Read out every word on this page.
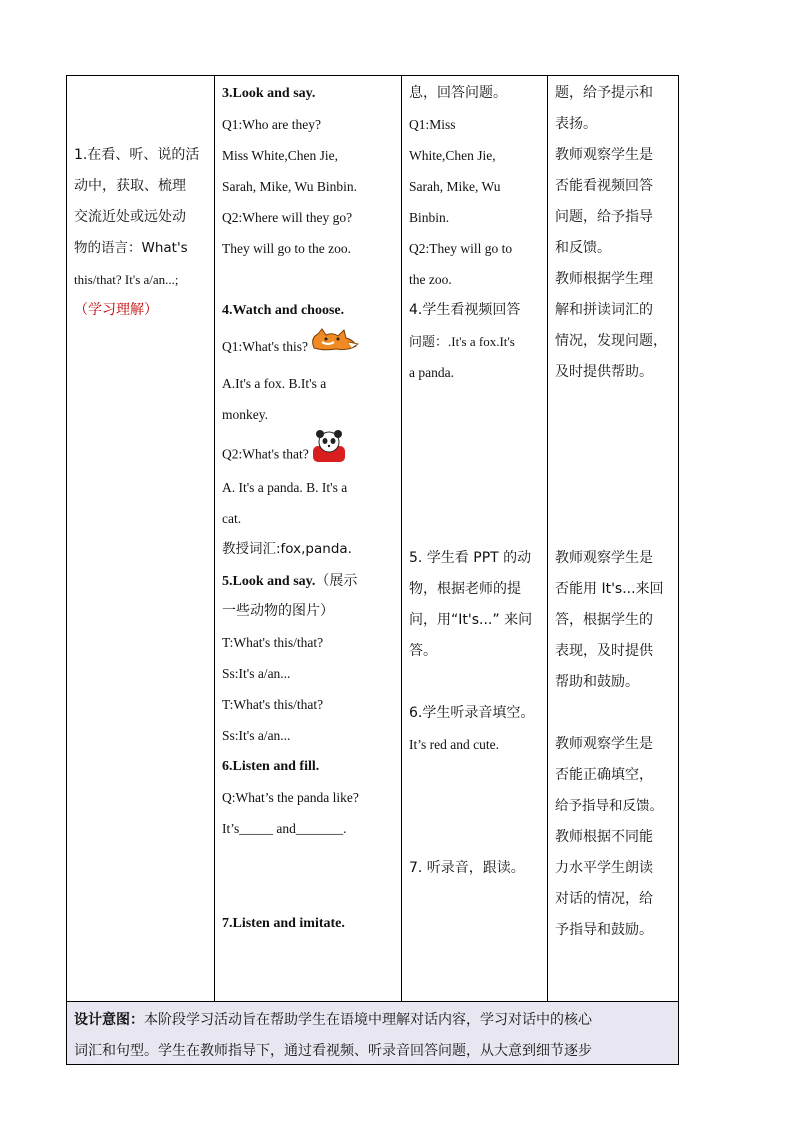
1.在看、听、说的活
动中，获取、梳理
交流近处或远处动
物的语言：What's
this/that? It's a/an...;
（学习理解）
3.Look and say.
Q1:Who are they?
Miss White,Chen Jie,
Sarah, Mike, Wu Binbin.
Q2:Where will they go?
They will go to the zoo.
4.Watch and choose.
Q1:What's this?
A.It's a fox. B.It's a
monkey.
Q2:What's that?
A. It's a panda. B. It's a
cat.
教授词汇:fox,panda.
5.Look and say.（展示
一些动物的图片）
T:What's this/that?
Ss:It's a/an...
T:What's this/that?
Ss:It's a/an...
6.Listen and fill.
Q:What’s the panda like?
It’s_____ and_______.
7.Listen and imitate.
息，回答问题。
Q1:Miss
White,Chen Jie,
Sarah, Mike, Wu
Binbin.
Q2:They will go to
the zoo.
4.学生看视频回答
问题：.It's a fox.It's
a panda.
5. 学生看 PPT 的动
物，根据老师的提
问，用“It's...” 来问
答。
6.学生听录音填空。
It’s red and cute.
7. 听录音，跟读。
题，给予提示和
表扬。
教师观察学生是
否能看视频回答
问题，给予指导
和反馈。
教师根据学生理
解和拼读词汇的
情况，发现问题，
及时提供帮助。
教师观察学生是
否能用 It's...来回
答，根据学生的
表现，及时提供
帮助和鼓励。
教师观察学生是
否能正确填空，
给予指导和反馈。
教师根据不同能
力水平学生朗读
对话的情况，给
予指导和鼓励。
设计意图：本阶段学习活动旨在帮助学生在语境中理解对话内容，学习对话中的核心
词汇和句型。学生在教师指导下，通过看视频、听录音回答问题，从大意到细节逐步
